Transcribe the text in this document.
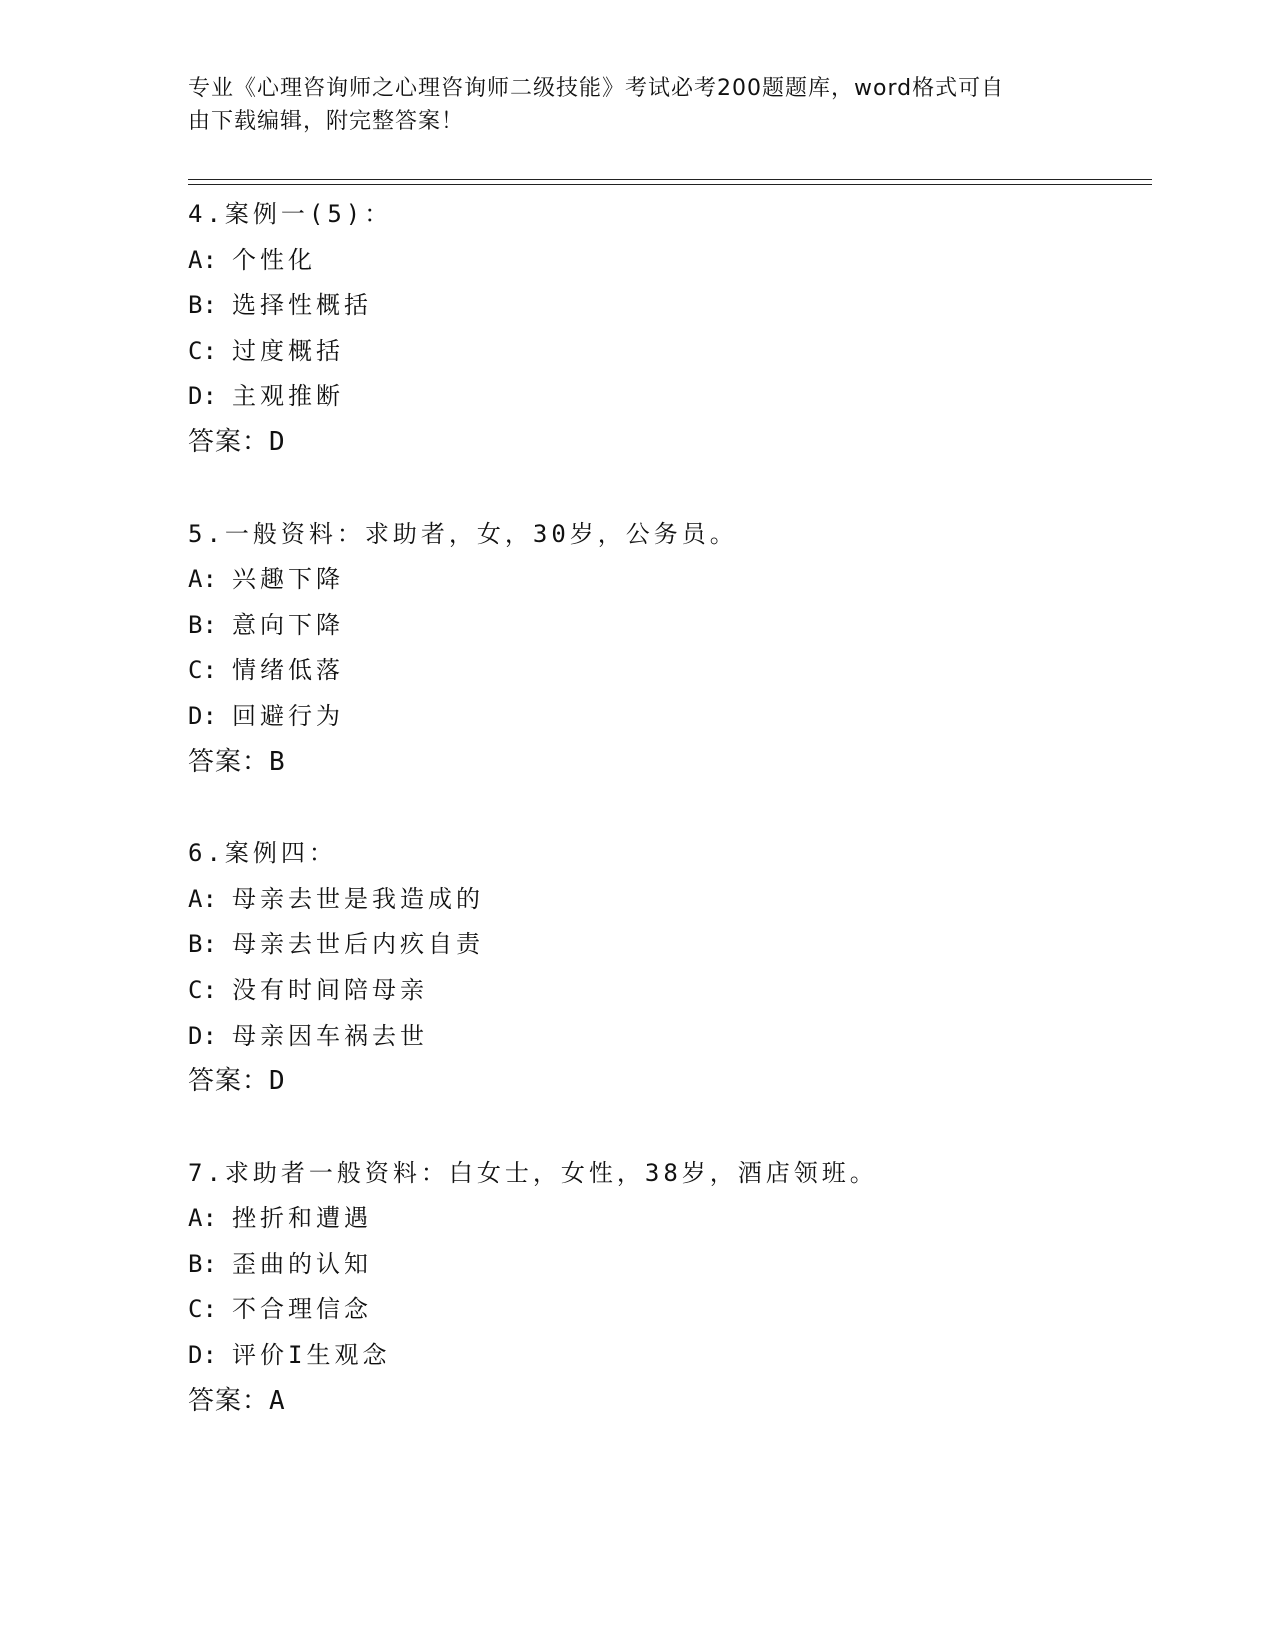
专业《心理咨询师之心理咨询师二级技能》考试必考200题题库，word格式可自
由下载编辑，附完整答案！
4.案例一(5)：
A: 个性化
B: 选择性概括
C: 过度概括
D: 主观推断
答案：D
5.一般资料：求助者，女，30岁，公务员。
A: 兴趣下降
B: 意向下降
C: 情绪低落
D: 回避行为
答案：B
6.案例四：
A: 母亲去世是我造成的
B: 母亲去世后内疚自责
C: 没有时间陪母亲
D: 母亲因车祸去世
答案：D
7.求助者一般资料：白女士，女性，38岁，酒店领班。
A: 挫折和遭遇
B: 歪曲的认知
C: 不合理信念
D: 评价I生观念
答案：A
